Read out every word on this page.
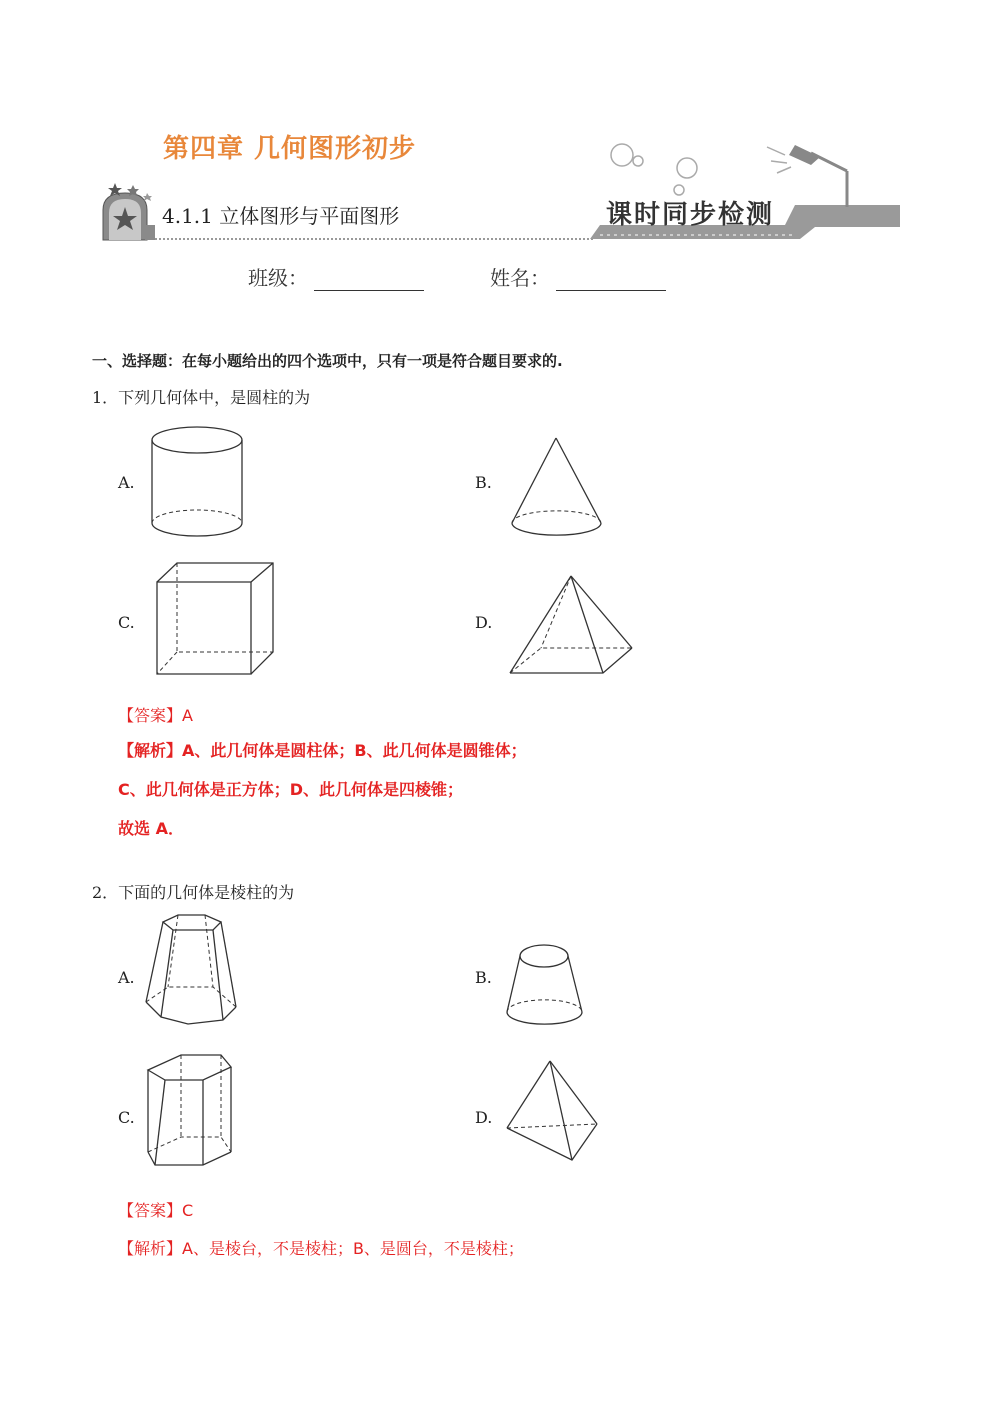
第四章 几何图形初步
4.1.1 立体图形与平面图形	课时同步检测
班级：	姓名：
一、选择题：在每小题给出的四个选项中，只有一项是符合题目要求的.
1．下列几何体中，是圆柱的为
A.	B.
C.	D.
【答案】A
【解析】A、此几何体是圆柱体；B、此几何体是圆锥体；
C、此几何体是正方体；D、此几何体是四棱锥；
故选 A．
2．下面的几何体是棱柱的为
A.	B.
C.	D.
【答案】C
【解析】A、是棱台，不是棱柱；B、是圆台，不是棱柱；
